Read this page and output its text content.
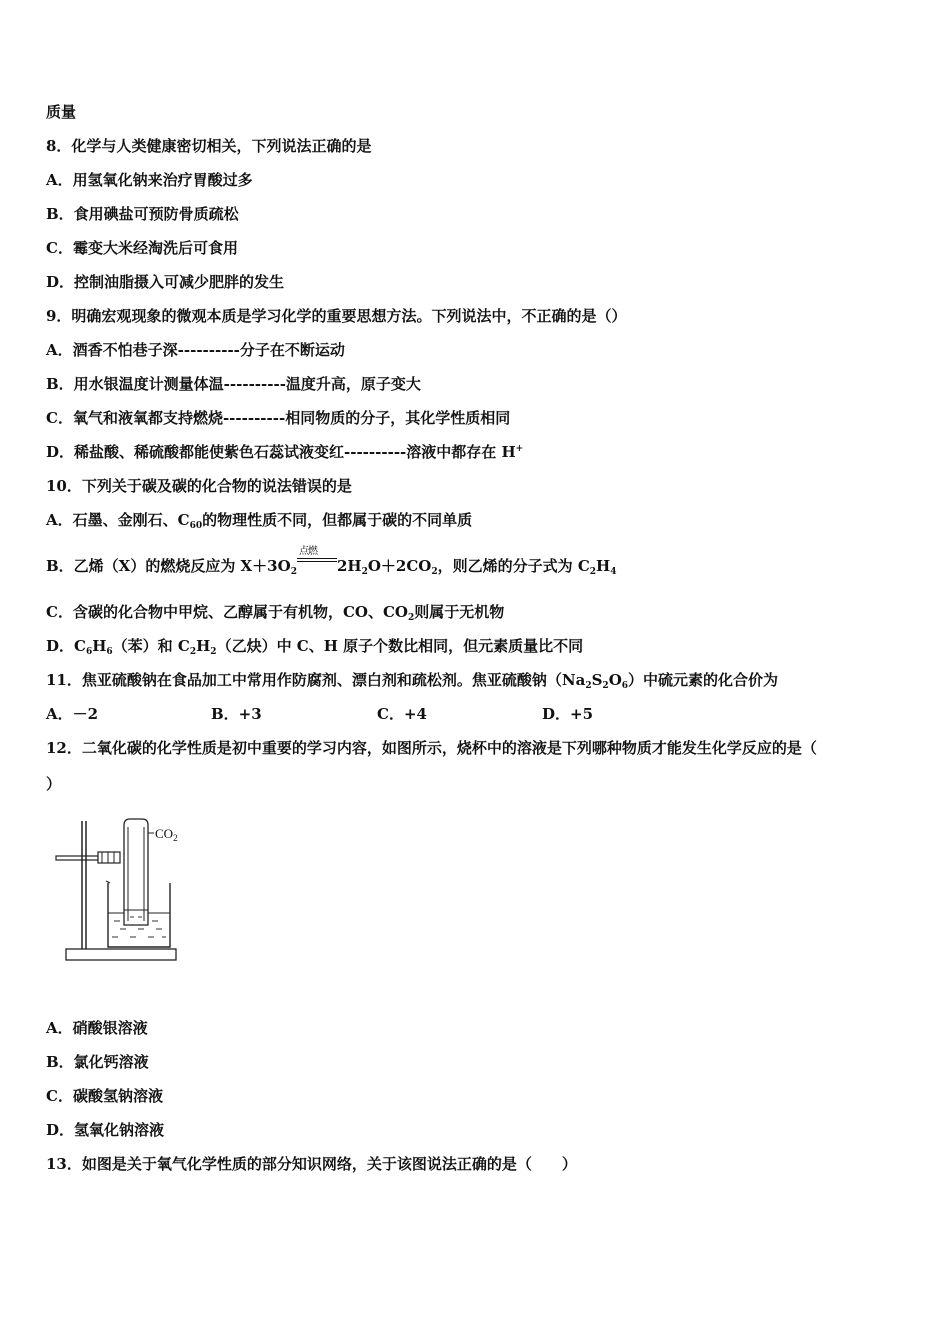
质量
8．化学与人类健康密切相关，下列说法正确的是
A．用氢氧化钠来治疗胃酸过多
B．食用碘盐可预防骨质疏松
C．霉变大米经淘洗后可食用
D．控制油脂摄入可减少肥胖的发生
9．明确宏观现象的微观本质是学习化学的重要思想方法。下列说法中，不正确的是（）
A．酒香不怕巷子深----------分子在不断运动
B．用水银温度计测量体温----------温度升高，原子变大
C．氧气和液氧都支持燃烧----------相同物质的分子，其化学性质相同
D．稀盐酸、稀硫酸都能使紫色石蕊试液变红----------溶液中都存在 H+
10．下列关于碳及碳的化合物的说法错误的是
A．石墨、金刚石、$C_{60}$的物理性质不同，但都属于碳的不同单质
B．乙烯（X）的燃烧反应为 $X+3O_2$
点燃
$2H_2O+2CO_2$，则乙烯的分子式为 $C_2H_4$
C．含碳的化合物中甲烷、乙醇属于有机物，CO、$CO_2$则属于无机物
D．$C_6H_6$（苯）和 $C_2H_2$（乙炔）中 C、H 原子个数比相同，但元素质量比不同
11．焦亚硫酸钠在食品加工中常用作防腐剂、漂白剂和疏松剂。焦亚硫酸钠$(Na_2S_2O_6)$中硫元素的化合价为
A．－2	B．+3	C．+4	D．+5
12．二氧化碳的化学性质是初中重要的学习内容，如图所示，烧杯中的溶液是下列哪种物质才能发生化学反应的是（
）
$CO_2$
A．硝酸银溶液
B．氯化钙溶液
C．碳酸氢钠溶液
D．氢氧化钠溶液
13．如图是关于氧气化学性质的部分知识网络，关于该图说法正确的是（　　）
